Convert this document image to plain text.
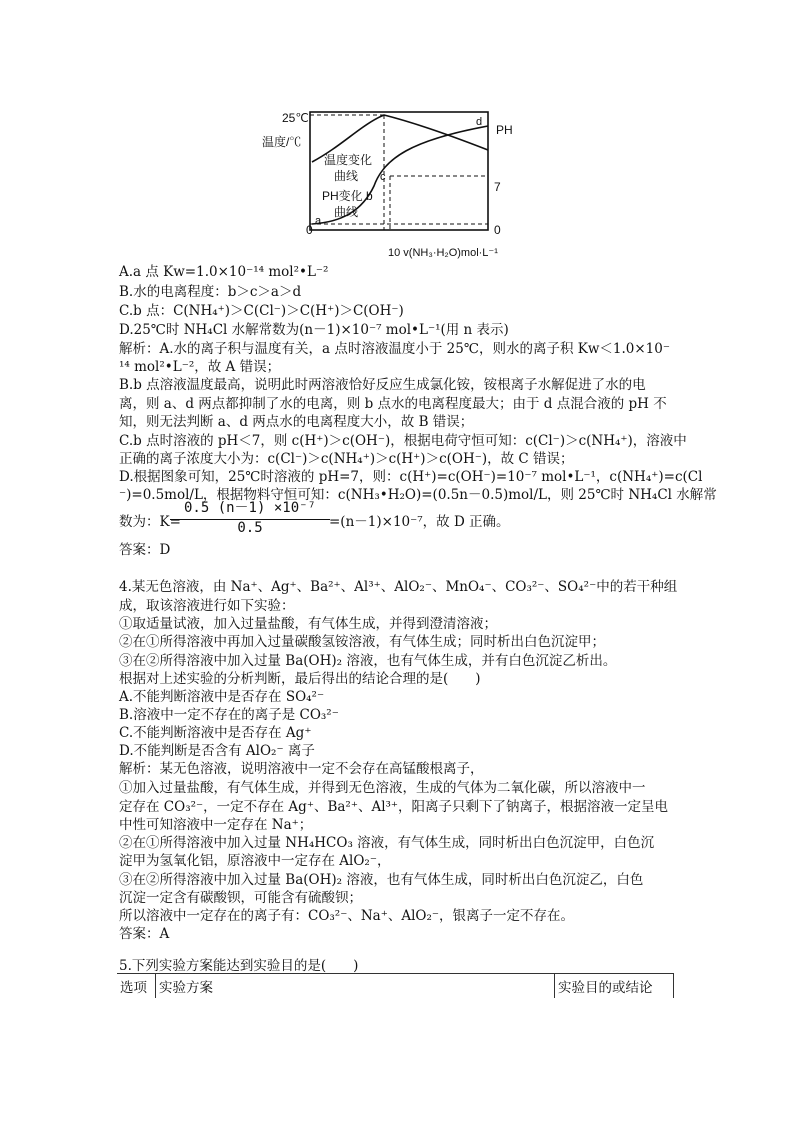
25℃
温度/℃
PH
7
0
0
10 v(NH₃·H₂O)mol·L⁻¹
温度变化
曲线
PH变化 b
曲线
a
c
d
A.a 点 Kw=1.0×10⁻¹⁴ mol²•L⁻²
B.水的电离程度：b＞c＞a＞d
C.b 点：C(NH₄⁺)＞C(Cl⁻)＞C(H⁺)＞C(OH⁻)
D.25℃时 NH₄Cl 水解常数为(n－1)×10⁻⁷ mol•L⁻¹(用 n 表示)
解析：A.水的离子积与温度有关，a 点时溶液温度小于 25℃，则水的离子积 Kw＜1.0×10⁻
¹⁴ mol²•L⁻²，故 A 错误；
B.b 点溶液温度最高，说明此时两溶液恰好反应生成氯化铵，铵根离子水解促进了水的电
离，则 a、d 两点都抑制了水的电离，则 b 点水的电离程度最大；由于 d 点混合液的 pH 不
知，则无法判断 a、d 两点水的电离程度大小，故 B 错误；
C.b 点时溶液的 pH＜7，则 c(H⁺)＞c(OH⁻)，根据电荷守恒可知：c(Cl⁻)＞c(NH₄⁺)，溶液中
正确的离子浓度大小为：c(Cl⁻)＞c(NH₄⁺)＞c(H⁺)＞c(OH⁻)，故 C 错误；
D.根据图象可知，25℃时溶液的 pH=7，则：c(H⁺)=c(OH⁻)=10⁻⁷ mol•L⁻¹，c(NH₄⁺)=c(Cl
⁻)=0.5mol/L，根据物料守恒可知：c(NH₃•H₂O)=(0.5n－0.5)mol/L，则 25℃时 NH₄Cl 水解常
数为：K=
$\frac{\text{0.5 (n－1) ×10⁻⁷}}{0.5} =(n-1)\times 10^{-7}$，故 D 正确。
答案：D
4.某无色溶液，由 Na⁺、Ag⁺、Ba²⁺、Al³⁺、AlO₂⁻、MnO₄⁻、CO₃²⁻、SO₄²⁻中的若干种组
成，取该溶液进行如下实验：
①取适量试液，加入过量盐酸，有气体生成，并得到澄清溶液；
②在①所得溶液中再加入过量碳酸氢铵溶液，有气体生成；同时析出白色沉淀甲；
③在②所得溶液中加入过量 Ba(OH)₂ 溶液，也有气体生成，并有白色沉淀乙析出。
根据对上述实验的分析判断，最后得出的结论合理的是(　　)
A.不能判断溶液中是否存在 SO₄²⁻
B.溶液中一定不存在的离子是 CO₃²⁻
C.不能判断溶液中是否存在 Ag⁺
D.不能判断是否含有 AlO₂⁻ 离子
解析：某无色溶液，说明溶液中一定不会存在高锰酸根离子，
①加入过量盐酸，有气体生成，并得到无色溶液，生成的气体为二氧化碳，所以溶液中一
定存在 CO₃²⁻，一定不存在 Ag⁺、Ba²⁺、Al³⁺，阳离子只剩下了钠离子，根据溶液一定呈电
中性可知溶液中一定存在 Na⁺；
②在①所得溶液中加入过量 NH₄HCO₃ 溶液，有气体生成，同时析出白色沉淀甲，白色沉
淀甲为氢氧化铝，原溶液中一定存在 AlO₂⁻，
③在②所得溶液中加入过量 Ba(OH)₂ 溶液，也有气体生成，同时析出白色沉淀乙，白色
沉淀一定含有碳酸钡，可能含有硫酸钡；
所以溶液中一定存在的离子有：CO₃²⁻、Na⁺、AlO₂⁻，银离子一定不存在。
答案：A
5.下列实验方案能达到实验目的是(　　)
选项	实验方案	实验目的或结论
